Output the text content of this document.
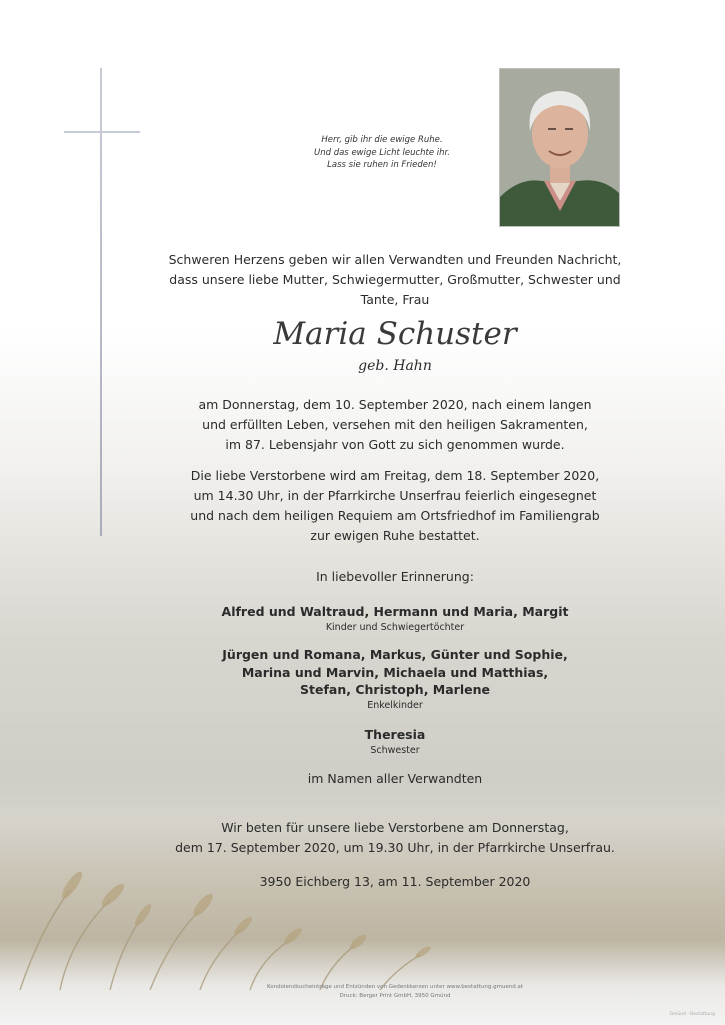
Herr, gib ihr die ewige Ruhe.
Und das ewige Licht leuchte ihr.
Lass sie ruhen in Frieden!
Schweren Herzens geben wir allen Verwandten und Freunden Nachricht,
dass unsere liebe Mutter, Schwiegermutter, Großmutter, Schwester und
Tante, Frau
Maria Schuster
geb. Hahn
am Donnerstag, dem 10. September 2020, nach einem langen
und erfüllten Leben, versehen mit den heiligen Sakramenten,
im 87. Lebensjahr von Gott zu sich genommen wurde.
Die liebe Verstorbene wird am Freitag, dem 18. September 2020,
um 14.30 Uhr, in der Pfarrkirche Unserfrau feierlich eingesegnet
und nach dem heiligen Requiem am Ortsfriedhof im Familiengrab
zur ewigen Ruhe bestattet.
In liebevoller Erinnerung:
Alfred und Waltraud, Hermann und Maria, Margit
Kinder und Schwiegertöchter
Jürgen und Romana, Markus, Günter und Sophie,
Marina und Marvin, Michaela und Matthias,
Stefan, Christoph, Marlene
Enkelkinder
Theresia
Schwester
im Namen aller Verwandten
Wir beten für unsere liebe Verstorbene am Donnerstag,
dem 17. September 2020, um 19.30 Uhr, in der Pfarrkirche Unserfrau.
3950 Eichberg 13, am 11. September 2020
Kondolenzbucheinträge und Entzünden von Gedenkkerzen unter www.bestattung.gmuend.at
Druck: Berger Print GmbH, 3950 Gmünd
Gmünd · Bestattung
